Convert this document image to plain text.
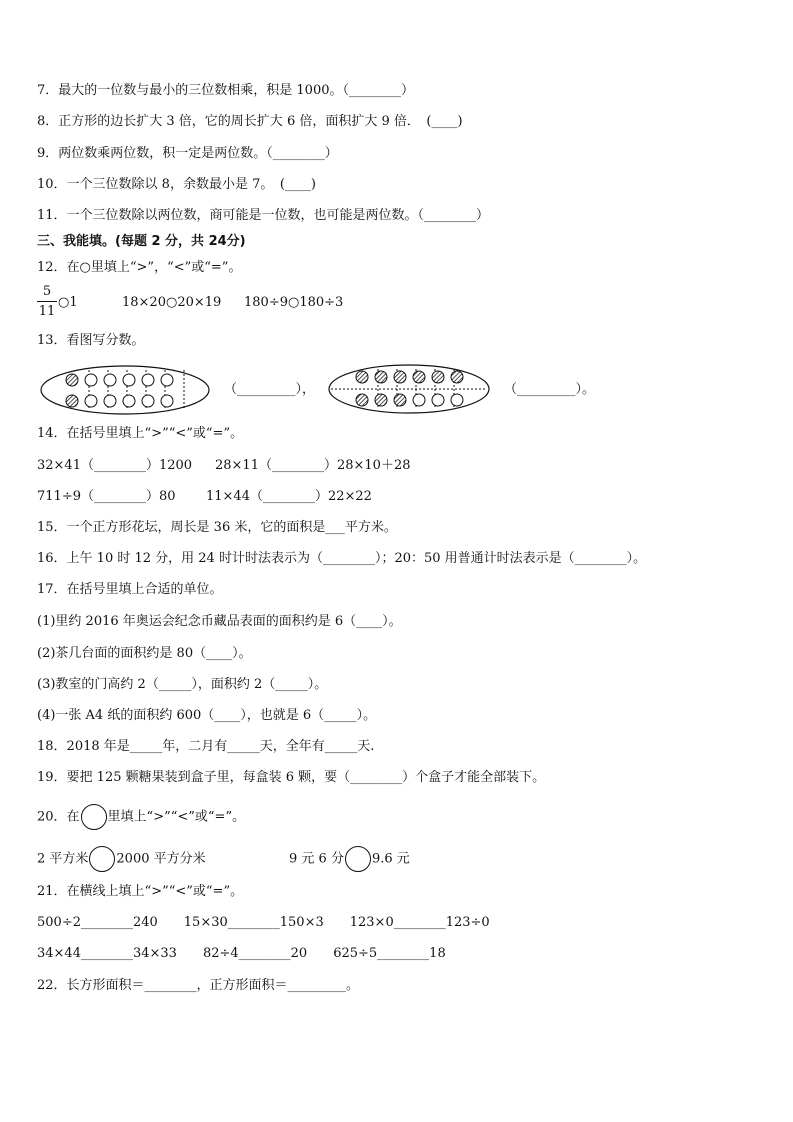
7．最大的一位数与最小的三位数相乘，积是 1000。（________）
8．正方形的边长扩大 3 倍，它的周长扩大 6 倍，面积扩大 9 倍．　(____)
9．两位数乘两位数，积一定是两位数。（________）
10．一个三位数除以 8，余数最小是 7。　(____)
11．一个三位数除以两位数，商可能是一位数，也可能是两位数。（________）
三、我能填。(每题 2 分，共 24分)
12．在○里填上“>”，“<”或“=”。
$\frac{5}{11}$ ○1	18×20○20×19 180÷9○180÷3
13．看图写分数。
（_________），	（_________）。
14．在括号里填上“>”“<”或“=”。
32×41（________）1200 28×11（________）28×10＋28
711÷9（________）80 11×44（________）22×22
15．一个正方形花坛，周长是 36 米，它的面积是___平方米。
16．上午 10 时 12 分，用 24 时计时法表示为（________）；20：50 用普通计时法表示是（________）。
17．在括号里填上合适的单位。
(1)里约 2016 年奥运会纪念币藏品表面的面积约是 6（____）。
(2)茶几台面的面积约是 80（____）。
(3)教室的门高约 2（_____），面积约 2（_____）。
(4)一张 A4 纸的面积约 600（____），也就是 6（_____）。
18．2018 年是_____年，二月有_____天，全年有_____天.
19．要把 125 颗糖果装到盒子里，每盒装 6 颗，要（________）个盒子才能全部装下。
20．在 里填上“>”“<”或“=”。
2 平方米 2000 平方分米	9 元 6 分 9.6 元
21．在横线上填上“>”“<”或“=”。
500÷2________240　　15×30________150×3　　123×0________123÷0
34×44________34×33　　82÷4________20　　625÷5________18
22．长方形面积＝________，正方形面积＝_________。
